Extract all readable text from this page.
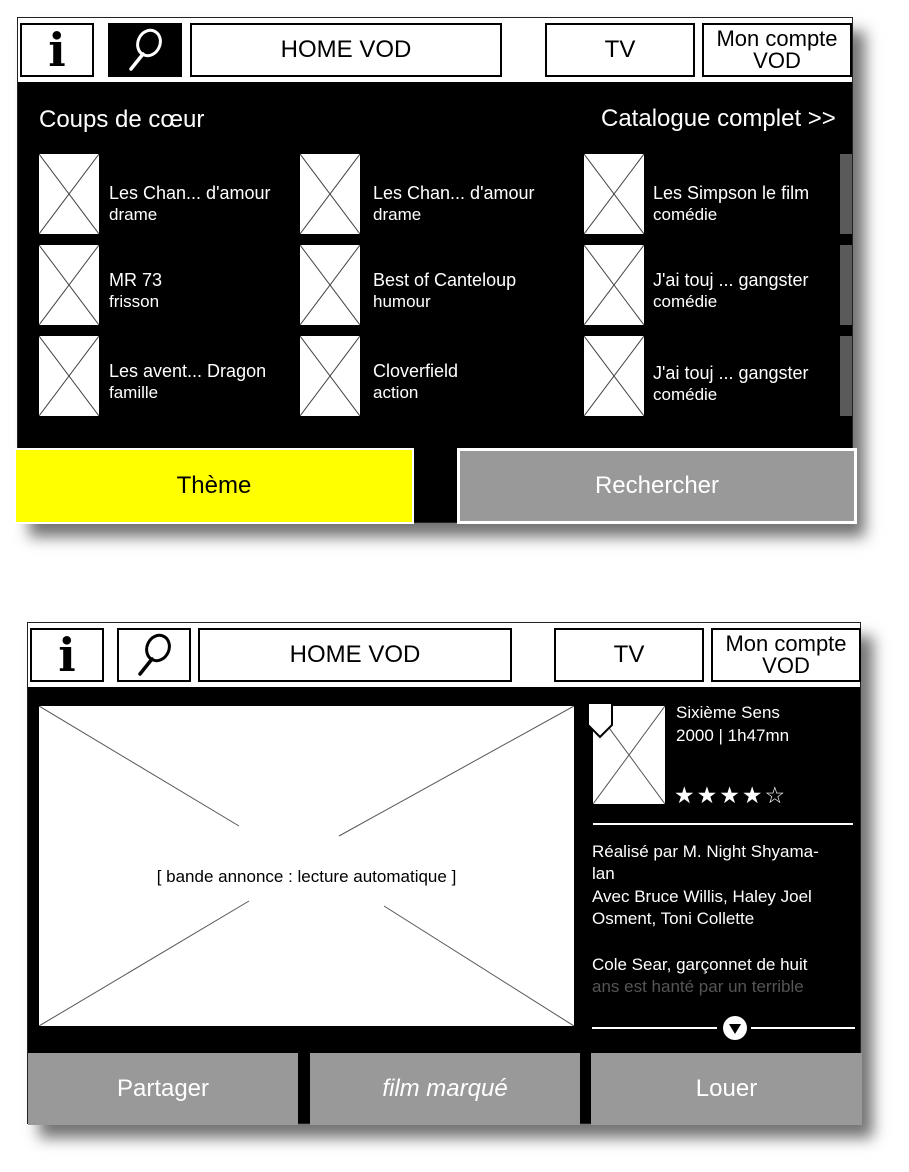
i	HOME VOD	TV	Mon compte
VOD
Coups de cœur	Catalogue complet >>
Les Chan... d'amour
drame
Les Chan... d'amour
drame
Les Simpson le film
comédie
MR 73
frisson
Best of Canteloup
humour
J'ai touj ... gangster
comédie
Les avent... Dragon
famille
Cloverfield
action
J'ai touj ... gangster
comédie
Thème	Rechercher
i	HOME VOD	TV	Mon compte
VOD
[ bande annonce : lecture automatique ]
Sixième Sens
2000 | 1h47mn
★★★★☆
Réalisé par M. Night Shyama-
lan
Avec Bruce Willis, Haley Joel
Osment, Toni Collette
Cole Sear, garçonnet de huit
ans est hanté par un terrible
Partager	film marqué	Louer
